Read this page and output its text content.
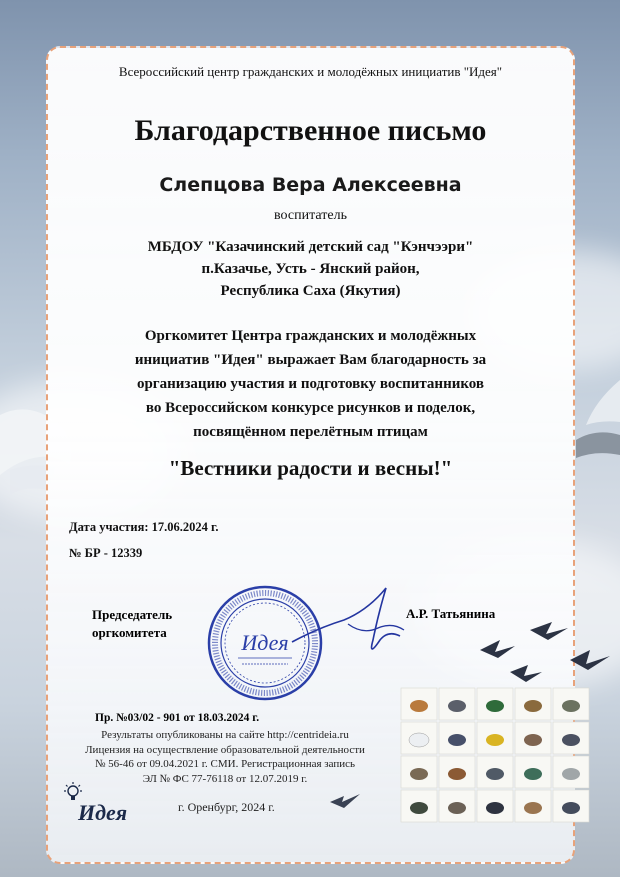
Всероссийский центр гражданских и молодёжных инициатив "Идея"
Благодарственное письмо
Слепцова Вера Алексеевна
воспитатель
МБДОУ "Казачинский детский сад "Кэнчээри"
п.Казачье, Усть - Янский район,
Республика Саха (Якутия)
Оргкомитет Центра гражданских и молодёжных
инициатив "Идея" выражает Вам благодарность за
организацию участия и подготовку воспитанников
во Всероссийском конкурсе рисунков и поделок,
посвящённом перелётным птицам
"Вестники радости и весны!"
Дата участия: 17.06.2024 г.
№ БР - 12339
Председатель
оргкомитета	Идея
А.Р. Татьянина
Пр. №03/02 - 901 от 18.03.2024 г.
Результаты опубликованы на сайте http://centrideia.ru
Лицензия на осуществление образовательной деятельности
№ 56-46 от 09.04.2021 г. СМИ. Регистрационная запись
ЭЛ № ФС 77-76118 от 12.07.2019 г.
Идея	г. Оренбург, 2024 г.
